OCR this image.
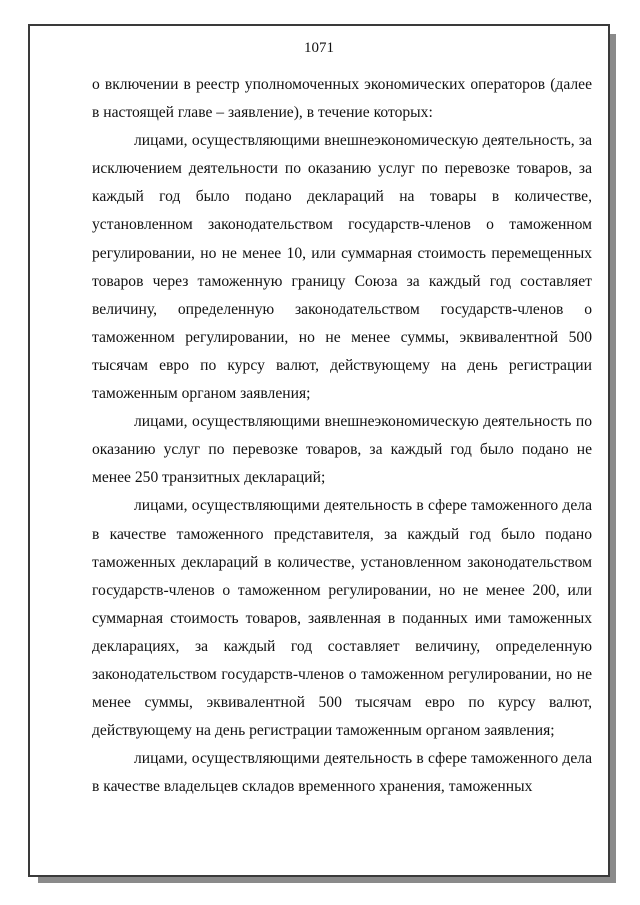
1071

о включении в реестр уполномоченных экономических операторов (далее в настоящей главе – заявление), в течение которых:

лицами, осуществляющими внешнеэкономическую деятельность, за исключением деятельности по оказанию услуг по перевозке товаров, за каждый год было подано деклараций на товары в количестве, установленном законодательством государств-членов о таможенном регулировании, но не менее 10, или суммарная стоимость перемещенных товаров через таможенную границу Союза за каждый год составляет величину, определенную законодательством государств-членов о таможенном регулировании, но не менее суммы, эквивалентной 500 тысячам евро по курсу валют, действующему на день регистрации таможенным органом заявления;

лицами, осуществляющими внешнеэкономическую деятельность по оказанию услуг по перевозке товаров, за каждый год было подано не менее 250 транзитных деклараций;

лицами, осуществляющими деятельность в сфере таможенного дела в качестве таможенного представителя, за каждый год было подано таможенных деклараций в количестве, установленном законодательством государств-членов о таможенном регулировании, но не менее 200, или суммарная стоимость товаров, заявленная в поданных ими таможенных декларациях, за каждый год составляет величину, определенную законодательством государств-членов о таможенном регулировании, но не менее суммы, эквивалентной 500 тысячам евро по курсу валют, действующему на день регистрации таможенным органом заявления;

лицами, осуществляющими деятельность в сфере таможенного дела в качестве владельцев складов временного хранения, таможенных
